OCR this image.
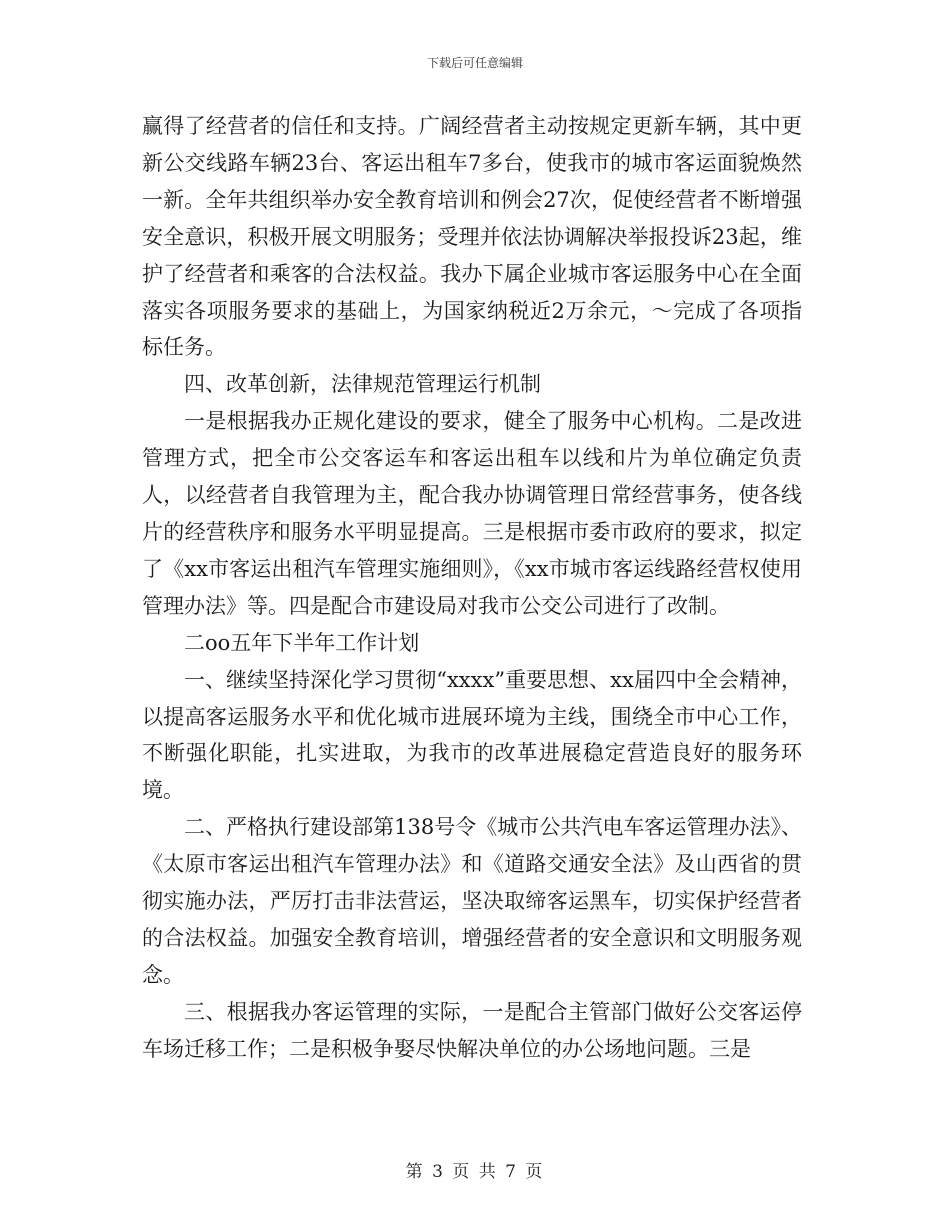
下载后可任意编辑

赢得了经营者的信任和支持。广阔经营者主动按规定更新车辆，其中更新公交线路车辆23台、客运出租车7多台，使我市的城市客运面貌焕然一新。全年共组织举办安全教育培训和例会27次，促使经营者不断增强安全意识，积极开展文明服务；受理并依法协调解决举报投诉23起，维护了经营者和乘客的合法权益。我办下属企业城市客运服务中心在全面落实各项服务要求的基础上，为国家纳税近2万余元，～完成了各项指标任务。

四、改革创新，法律规范管理运行机制

一是根据我办正规化建设的要求，健全了服务中心机构。二是改进管理方式，把全市公交客运车和客运出租车以线和片为单位确定负责人，以经营者自我管理为主，配合我办协调管理日常经营事务，使各线片的经营秩序和服务水平明显提高。三是根据市委市政府的要求，拟定了《xx市客运出租汽车管理实施细则》，《xx市城市客运线路经营权使用管理办法》等。四是配合市建设局对我市公交公司进行了改制。

二oo五年下半年工作计划

一、继续坚持深化学习贯彻“xxxx”重要思想、xx届四中全会精神，以提高客运服务水平和优化城市进展环境为主线，围绕全市中心工作，不断强化职能，扎实进取，为我市的改革进展稳定营造良好的服务环境。

二、严格执行建设部第138号令《城市公共汽电车客运管理办法》、《太原市客运出租汽车管理办法》和《道路交通安全法》及山西省的贯彻实施办法，严厉打击非法营运，坚决取缔客运黑车，切实保护经营者的合法权益。加强安全教育培训，增强经营者的安全意识和文明服务观念。

三、根据我办客运管理的实际，一是配合主管部门做好公交客运停车场迁移工作；二是积极争娶尽快解决单位的办公场地问题。三是

第 3 页 共 7 页
